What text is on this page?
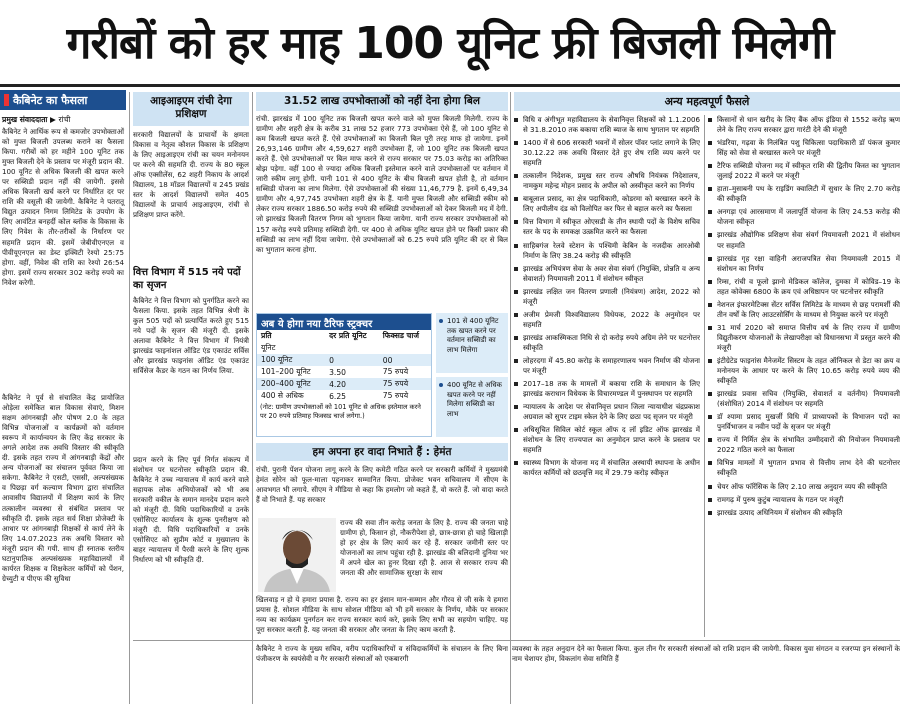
गरीबों को हर माह 100 यूनिट फ्री बिजली मिलेगी
कैबिनेट का फैसला
प्रमुख संवाददाता ▶ रांची
कैबिनेट ने आर्थिक रूप से कमजोर उपभोक्ताओं को मुफ्त बिजली उपलब्ध कराने का फैसला किया. गरीबों को हर महीने 100 यूनिट तक मुफ्त बिजली देने के प्रस्ताव पर मंजूरी प्रदान की. 100 यूनिट से अधिक बिजली की खपत करने पर सब्सिडी प्रदान नहीं की जायेगी. इससे अधिक बिजली खर्च करने पर निर्धारित दर पर राशि की वसूली की जायेगी. कैबिनेट ने पतरातू विद्युत उत्पादन निगम लिमिटेड के उपयोग के लिए आवंटित बनहर्दी कोल ब्लॉक के विकास के लिए निवेश के तौर-तरीकों के निर्धारण पर सहमति प्रदान की. इसमें जेबीवीएनएल व पीवीयूएनएल का डेब्ट इक्विटी रेश्यो 25:75 होगा. वहीं, निवेश की राशि का रेश्यो 26:54 होगा. इसमें राज्य सरकार 302 करोड़ रुपये का निवेश करेगी.
कैबिनेट ने पूर्व से संचालित केंद्र प्रायोजित ओड़ेला समेकित बाल विकास सेवाएं, मिशन सक्षम आंगनबाड़ी और पोषण 2.0 के तहत विभिन्न योजनाओं व कार्यक्रमों को वर्तमान स्वरूप में कार्यान्वयन के लिए केंद्र सरकार के अगले आदेश तक अवधि विस्तार की स्वीकृति दी. इसके तहत राज्य में आंगनबाड़ी केंद्रों और अन्य योजनाओं का संचालन पूर्ववत किया जा सकेगा. कैबिनेट ने एसटी, एससी, अल्पसंख्यक व पिछड़ा वर्ग कल्याण विभाग द्वारा संचालित आवासीय विद्यालयों में शिक्षण कार्य के लिए तत्कालीन व्यवस्था से संबंधित प्रस्ताव पर स्वीकृति दी. इसके तहत सर्व शिक्षा प्रोजेक्टी के आधार पर आंगनबाड़ी शिक्षकों से कार्य लेने के लिए 14.07.2023 तक अवधि विस्तार को मंजूरी प्रदान की गयी. साथ ही स्नातक स्तरीय घटानुपातिक अल्पसंख्यक महाविद्यालयों में कार्यरत शिक्षक व शिक्षकेतर कर्मियों को पेंशन, ग्रेच्युटी व पीएफ की सुविधा
आइआइएम रांची देगा प्रशिक्षण
सरकारी विद्यालयों के प्राचार्यों के क्षमता विकास व नेतृत्व कौशल विकास के प्रशिक्षण के लिए आइआइएम रांची का चयन मनोनयन पर करने की सहमति दी. राज्य के 80 स्कूल ऑफ एक्सीलेंस, 62 शहरी निकाय के आदर्श विद्यालय, 18 मॉडल विद्यालयों व 245 प्रखंड स्तर के आदर्श विद्यालयों समेत 405 विद्यालयों के प्राचार्य आइआइएम, रांची से प्रशिक्षण प्राप्त करेंगे.
वित्त विभाग में 515 नये पदों का सृजन
कैबिनेट ने वित्त विभाग को पुनर्गठित करने का फैसला किया. इसके तहत विभिन्न श्रेणी के कुल 505 पदों को प्रत्यार्पित करते हुए 515 नये पदों के सृजन की मंजूरी दी. इसके अलावा कैबिनेट ने वित्त विभाग में नियंत्री झारखंड फाइनांशल ऑडिट एंड एकाउंट सर्विस और झारखंड फाइनांस ऑडिट एंड एकाउंट सर्विसेज कैडर के गठन का निर्णय लिया.
प्रदान करने के लिए पूर्व निर्गत संकल्प में संशोधन पर घटनोत्तर स्वीकृति प्रदान की. कैबिनेट ने उच्च न्यायालय में कार्य करने वाले सहायक लोक अभियोजकों को भी अब सरकारी वकील के समान मानदेय प्रदान करने को मंजूरी दी. विधि पदाधिकारियों व उनके एसोसिएट कार्यालय के शुल्क पुनरीक्षण को मंजूरी दी. विधि पदाधिकारियों व उनके एसोसिएट को सुप्रीम कोर्ट व मुख्यालय के बाहर न्यायालय में पैरवी करने के लिए शुल्क निर्धारण को भी स्वीकृति दी.
31.52 लाख उपभोक्ताओं को नहीं देना होगा बिल
रांची. झारखंड में 100 यूनिट तक बिजली खपत करने वाले को मुफ्त बिजली मिलेगी. राज्य के ग्रामीण और शहरी क्षेत्र के करीब 31 लाख 52 हजार 773 उपभोक्ता ऐसे हैं, जो 100 यूनिट से कम बिजली खपत करते हैं. ऐसे उपभोक्ताओं का बिजली बिल पूरी तरह माफ हो जायेगा. इनमें 26,93,146 ग्रामीण और 4,59,627 शहरी उपभोक्ता हैं, जो 100 यूनिट तक बिजली खपत करते हैं. ऐसे उपभोक्ताओं पर बिल माफ करने से राज्य सरकार पर 75.03 करोड़ का अतिरिक्त बोझ पड़ेगा. वहीं 100 से ज्यादा अधिक बिजली इस्तेमाल करने वाले उपभोक्ताओं पर वर्तमान में जारी स्कीम लागू होगी. यानी 101 से 400 यूनिट के बीच बिजली खपत होती है, तो वर्तमान सब्सिडी योजना का लाभ मिलेगा. ऐसे उपभोक्ताओं की संख्या 11,46,779 है. इनमें 6,49,34 ग्रामीण और 4,97,745 उपभोक्ता शहरी क्षेत्र के हैं. यानी मुफ्त बिजली और सब्सिडी स्कीम को लेकर राज्य सरकार 1886.50 करोड़ रुपये की सब्सिडी उपभोक्ताओं को देकर बिजली मद में देगी. जो झारखंड बिजली वितरण निगम को भुगतान किया जायेगा. यानी राज्य सरकार उपभोक्ताओं को 157 करोड़ रुपये प्रतिमाह सब्सिडी देगी. पर 400 से अधिक यूनिट खपत होने पर किसी प्रकार की सब्सिडी का लाभ नहीं दिया जायेगा. ऐसे उपभोक्ताओं को 6.25 रुपये प्रति यूनिट की दर से बिल का भुगतान करना होगा.
अब ये होगा नया टैरिफ स्ट्रक्चर
प्रति	दर प्रति यूनिट	फिक्सड चार्ज
यूनिट		
100 यूनिट	0	00
101–200 यूनिट	3.50	75 रुपये
200–400 यूनिट	4.20	75 रुपये
400 से अधिक	6.25	75 रुपये
(नोट: ग्रामीण उपभोक्ताओं को 101 यूनिट से अधिक इस्तेमाल करने पर 20 रुपये प्रतिमाह फिक्सड चार्ज लगेगा.)
101 से 400 यूनिट तक खपत करने पर वर्तमान सब्सिडी का लाभ मिलेगा
400 यूनिट से अधिक खपत करने पर नहीं मिलेगा सब्सिडी का लाभ
हम अपना हर वादा निभाते हैं : हेमंत
रांची. पुरानी पेंशन योजना लागू करने के लिए कमेटी गठित करने पर सरकारी कर्मियों ने मुख्यमंत्री हेमंत सोरेन को फूल-माला पहनाकर सम्मानित किया. प्रोजेक्ट भवन सचिवालय में सीएम के आवभगत भी लगाये. सीएम ने मीडिया से कहा कि हमलोग जो कहते हैं, वो करते हैं. जो वादा करते हैं वो निभाते हैं. यह सरकार
राज्य की सवा तीन करोड़ जनता के लिए है. राज्य की जनता चाहे ग्रामीण हो, किसान हो, नौकरीपेशा हो, छात्र-छात्रा हो चाहे खिलाड़ी हो हर क्षेत्र के लिए कार्य कर रहे हैं. सरकार जमीनी स्तर पर योजनाओं का लाभ पहुंचा रही है. झारखंड की बलिदानी दुनिया भर में अपने खेल का हुनर दिखा रही है. आज से सरकार राज्य की जनता की और सामाजिक सुरक्षा के साथ
खिलवाड़ न हो ये हमारा प्रयास है. राज्य का हर इंसान मान-सम्मान और गौरव से जी सके ये हमारा प्रयास है. सोशल मीडिया के साथ सोशल मीडिया को भी हमें सरकार के निर्णय, मौके पर सरकार नव्य का कार्यक्रम पुनर्गठन कर राज्य सरकार कार्य करे, इसके लिए सभी का सहयोग चाहिए. यह पूरा सरकार करती है. यह जनता की सरकार और जनता के लिए काम करती है.
कैबिनेट ने राज्य के मुख्य सचिव, वरीय पदाधिकारियों व संविदाकर्मियों के संचालन के लिए बिना पंजीकरण के स्वयंसेवी व गैर सरकारी संस्थाओं को एकबारगी
व्यवस्था के तहत अनुदान देने का फैसला किया. कुल तीन गैर सरकारी संस्थाओं को राशि प्रदान की जायेगी. विकास युवा संगठन व रजरप्पा इन संस्थानों के नाम चेशायर होम, विकलांग सेवा समिति हैं
अन्य महत्वपूर्ण फैसले
विधि व अंगीभूत महाविद्यालय के सेवानिवृत्त शिक्षकों को 1.1.2006 से 31.8.2010 तक बकाया राशि ब्याज के साथ भुगतान पर सहमति
1400 में से 606 सरकारी भवनों में सोलर पॉवर प्लांट लगाने के लिए 30.12.22 तक अवधि विस्तार देते हुए शेष राशि व्यय करने पर सहमति
तत्कालीन निदेशक, प्रमुख स्तर राज्य औषधि नियंत्रक निदेशालय, नामकुम महेन्द्र मोहन प्रसाद के अपील को अस्वीकृत करने का निर्णय
बाबूलाल प्रसाद, का क्षेत्र पदाधिकारी, कोडरमा को बरखास्त करने के लिए अपीलीय दंड को विलोपित कर फिर से बहाल करने का फैसला
वित्त विभाग में स्वीकृत ओएसडी के तीन स्थायी पदों के विशेष सचिव स्तर के पद के समकक्ष उत्क्रमित करने का फैसला
साहिबगंज रेलवे स्टेशन के पश्चिमी केबिन के नजदीक आरओबी निर्माण के लिए 38.24 करोड़ की स्वीकृति
झारखंड अभियंत्रण सेवा के अवर सेवा संवर्ग (नियुक्ति, प्रोन्नति व अन्य सेवाशर्त) नियमावली 2011 में संशोधन स्वीकृत
झारखंड लक्षित जन वितरण प्रणाली (नियंत्रण) आदेश, 2022 को मंजूरी
अजीम प्रेमजी विश्वविद्यालय विधेयक, 2022 के अनुमोदन पर सहमति
झारखंड आकस्मिकता निधि से दो करोड़ रुपये अग्रिम लेने पर घटनोत्तर स्वीकृति
लोहरदगा में 45.80 करोड़ के समाहरणालय भवन निर्माण की योजना पर मंजूरी
2017–18 तक के मामलों में बकाया राशि के समाधान के लिए झारखंड कराधान विधेयक के विचारमण्डल में पुनस्थापन पर सहमति
न्यायालय के आदेश पर सेवानिवृत्त प्रधान जिला न्यायाधीश चंद्रप्रकाश अग्रवाल को सुपर टाइम स्केल देने के लिए छठा पद सृजन पर मंजूरी
अधिसूचित सिविल कोर्ट स्कूल ऑफ द लॉ इडिट ऑफ झारखंड में संशोधन के लिए राज्यपाल का अनुमोदन प्राप्त करने के प्रस्ताव पर सहमति
स्वास्थ्य विभाग के योजना मद में संचालित अस्थायी स्थापना के अधीन कार्यरत कर्मियों को छठवृत्ति मद में 29.79 करोड़ स्वीकृत
किसानों से धान खरीद के लिए बैंक ऑफ इंडिया से 1552 करोड़ ऋण लेने के लिए राज्य सरकार द्वारा गारंटी देने की मंजूरी
भंडरिया, गढ़वा के निलंबित पशु चिकित्सा पदाधिकारी डॉ पंकज कुमार सिंह को सेवा से बरखास्त करने पर मंजूरी
टैरिफ सब्सिडी योजना मद में स्वीकृत राशि की द्वितीय किस्त का भुगतान जुलाई 2022 में करने पर मंजूरी
हाता–मुसाबनी पथ के राइडिंग क्वालिटी में सुधार के लिए 2.70 करोड़ की स्वीकृति
अनगड़ा एवं आरसमाण में जलापूर्ति योजना के लिए 24.53 करोड़ की योजना स्वीकृत
झारखंड औद्योगिक प्रशिक्षण सेवा संवर्ग नियमावली 2021 में संशोधन पर सहमति
झारखंड गृह रक्षा वाहिनी अराजपत्रित सेवा नियमावली 2015 में संशोधन का निर्णय
रिम्स, रांची व फूलो झानो मेडिकल कॉलेज, दुमका में कोविड–19 के तहत कोवेक्स 6800 के क्रय एवं अधिष्ठापन पर घटनोत्तर स्वीकृति
नेशनल इंफारमेटिक्स सेंटर सर्विस लिमिटेड के माध्यम से छह परामर्शी की तीन वर्षों के लिए आउटसोर्सिंग के माध्यम से नियुक्त करने पर मंजूरी
31 मार्च 2020 को समाप्त वित्तीय वर्ष के लिए राज्य में ग्रामीण विद्युतीकरण योजनाओं के लेखापरीक्षा को विधानसभा में प्रस्तुत करने की मंजूरी
इंटीग्रेटेड फाइनांस मैनेजमेंट सिस्टम के तहत ऑनिकल से डेटा का क्रय व मनोनयन के आधार पर करने के लिए 10.65 करोड़ रुपये व्यय की स्वीकृति
झारखंड प्रवास सचिव (नियुक्ति, सेवाशर्त व वर्तनीय) नियमावली (संशोधित) 2014 में संशोधन पर सहमति
डॉ श्यामा प्रसाद मुखर्जी विधि में प्राध्यापकों के विभाजन पदों का पुनर्विभाजन व नवीन पदों के सृजन पर मंजूरी
राज्य में निर्मित क्षेत्र के संभावित उम्मीदवारों की नियोजन नियमावली 2022 गठित करने का फैसला
विभिन्न मामलों में भुगतान प्रभाव से वित्तीय लाभ देने की घटनोत्तर स्वीकृति
चेयर ऑफ फॉरेंसिक के लिए 2.10 लाख अनुदान व्यय की स्वीकृति
रामगढ़ में पुरुष कुटुंब न्यायालय के गठन पर मंजूरी
झारखंड उत्पाद अधिनियम में संशोधन की स्वीकृति
